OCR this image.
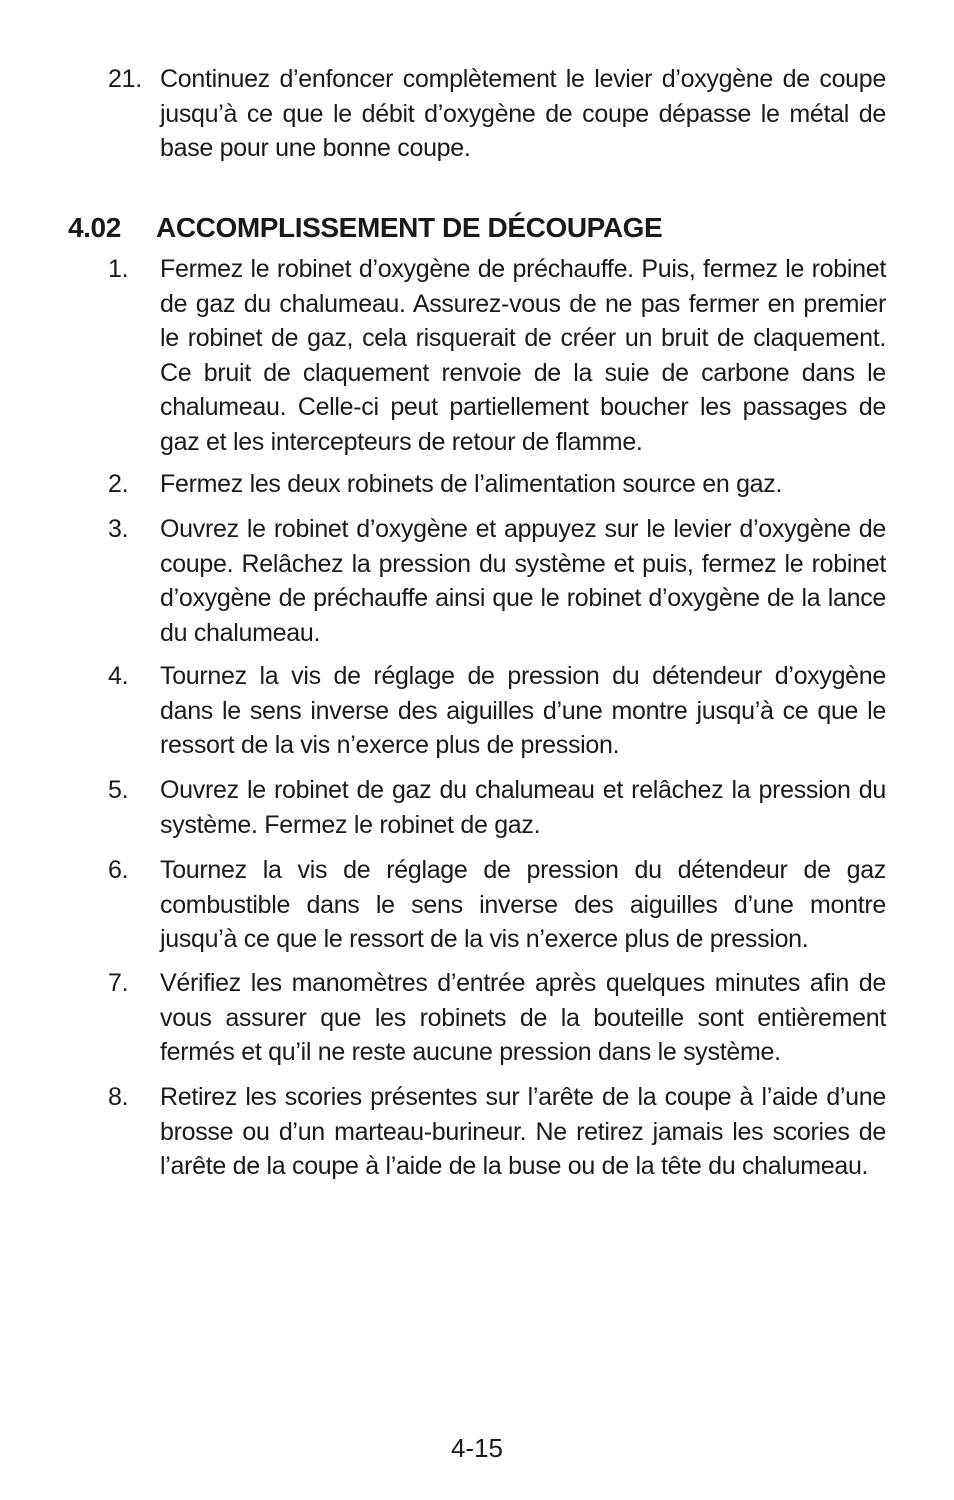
21. Continuez d’enfoncer complètement le levier d’oxygène de coupe jusqu’à ce que le débit d’oxygène de coupe dépasse le métal de base pour une bonne coupe.
4.02 ACCOMPLISSEMENT DE DÉCOUPAGE
1. Fermez le robinet d’oxygène de préchauffe. Puis, fermez le robinet de gaz du chalumeau. Assurez-vous de ne pas fermer en premier le robinet de gaz, cela risquerait de créer un bruit de claquement. Ce bruit de claquement renvoie de la suie de carbone dans le chalumeau. Celle-ci peut partiellement boucher les passages de gaz et les intercepteurs de retour de flamme.
2. Fermez les deux robinets de l’alimentation source en gaz.
3. Ouvrez le robinet d’oxygène et appuyez sur le levier d’oxygène de coupe. Relâchez la pression du système et puis, fermez le robinet d’oxygène de préchauffe ainsi que le robinet d’oxygène de la lance du chalumeau.
4. Tournez la vis de réglage de pression du détendeur d’oxygène dans le sens inverse des aiguilles d’une montre jusqu’à ce que le ressort de la vis n’exerce plus de pression.
5. Ouvrez le robinet de gaz du chalumeau et relâchez la pression du système. Fermez le robinet de gaz.
6. Tournez la vis de réglage de pression du détendeur de gaz combustible dans le sens inverse des aiguilles d’une montre jusqu’à ce que le ressort de la vis n’exerce plus de pression.
7. Vérifiez les manomètres d’entrée après quelques minutes afin de vous assurer que les robinets de la bouteille sont entièrement fermés et qu’il ne reste aucune pression dans le système.
8. Retirez les scories présentes sur l’arête de la coupe à l’aide d’une brosse ou d’un marteau-burineur. Ne retirez jamais les scories de l’arête de la coupe à l’aide de la buse ou de la tête du chalumeau.
4-15
